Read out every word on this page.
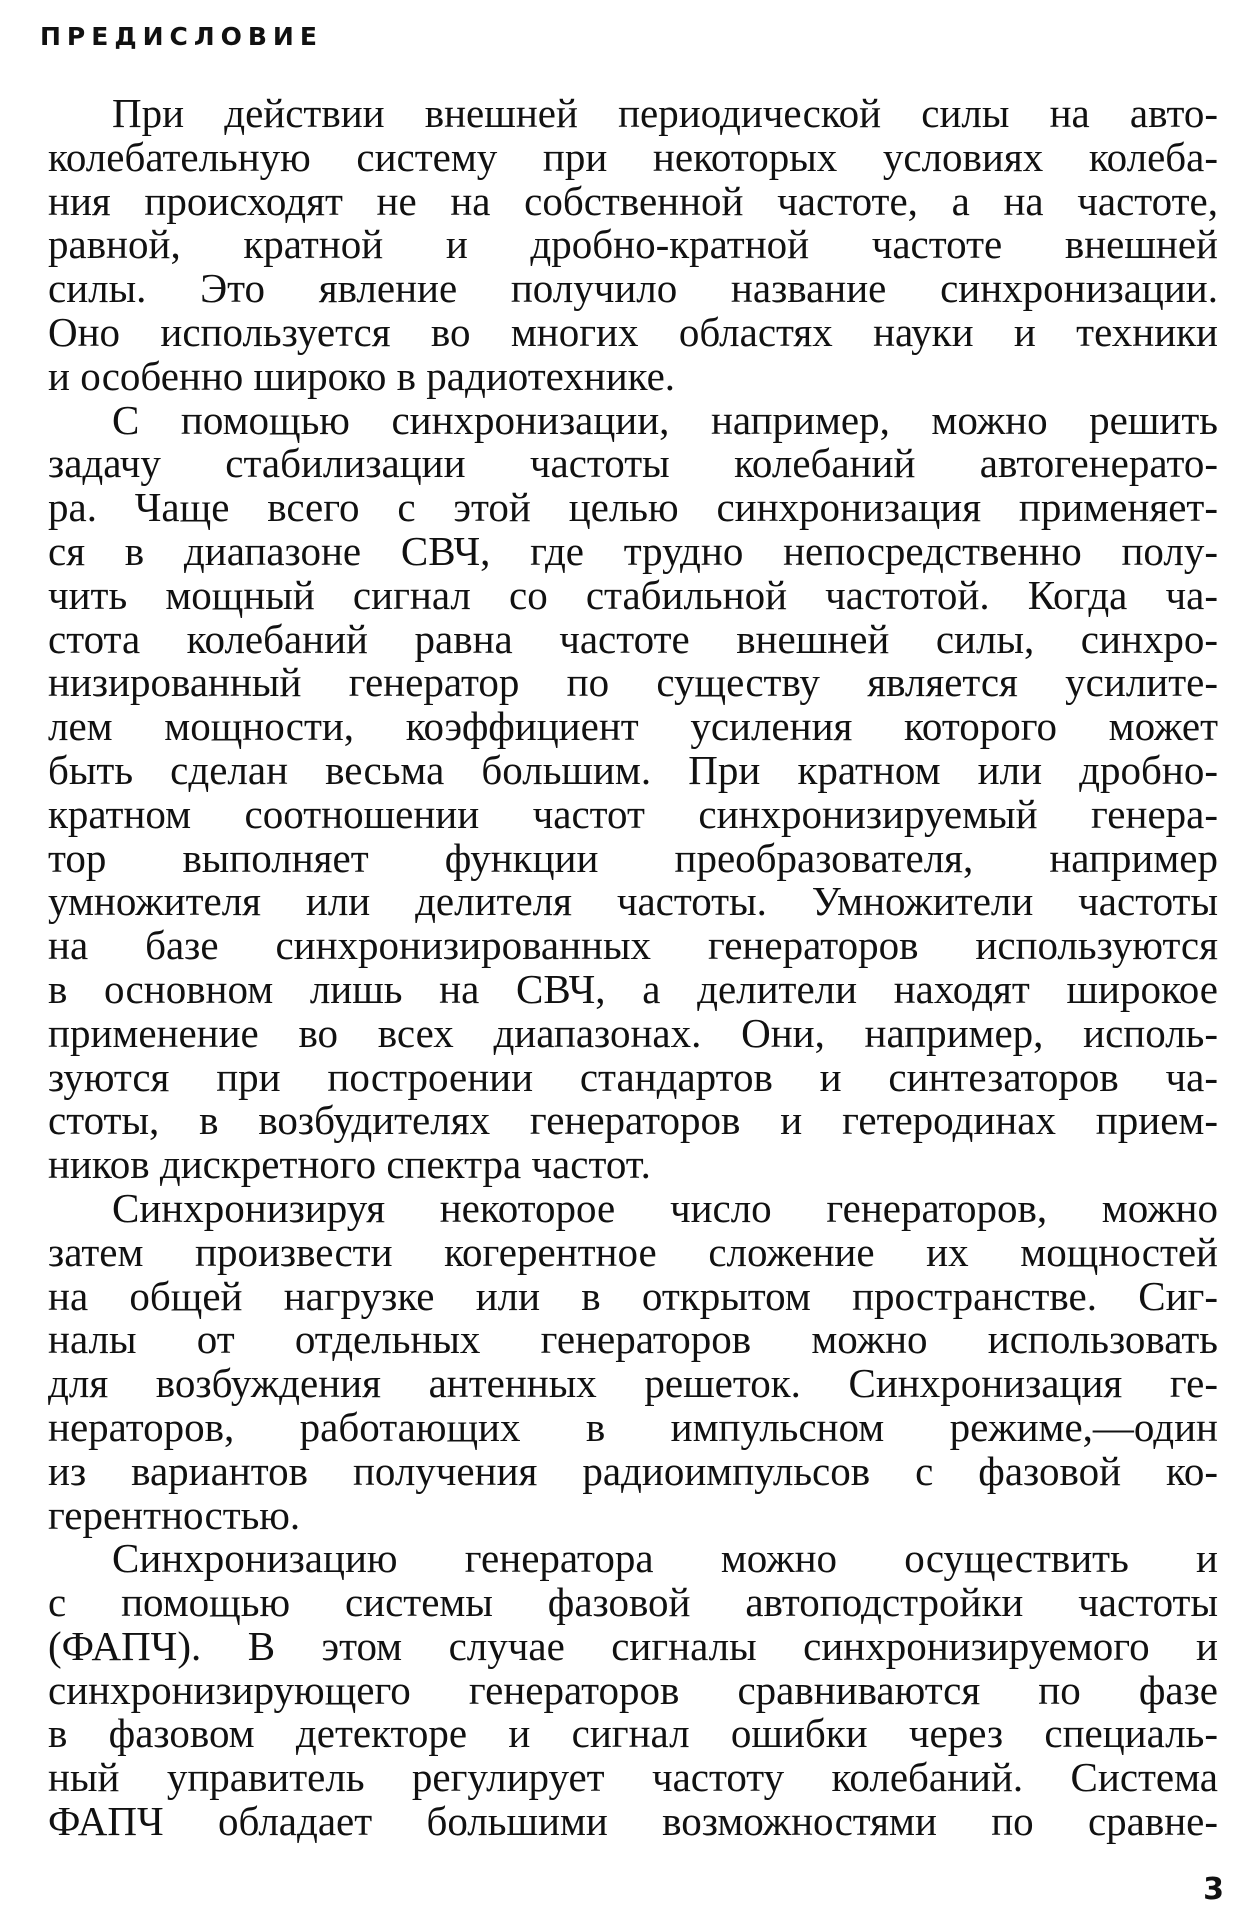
ПРЕДИСЛОВИЕ
При действии внешней периодической силы на авто-
колебательную систему при некоторых условиях колеба-
ния происходят не на собственной частоте, а на частоте,
равной, кратной и дробно-кратной частоте внешней
силы. Это явление получило название синхронизации.
Оно используется во многих областях науки и техники
и особенно широко в радиотехнике.
С помощью синхронизации, например, можно решить
задачу стабилизации частоты колебаний автогенерато-
ра. Чаще всего с этой целью синхронизация применяет-
ся в диапазоне СВЧ, где трудно непосредственно полу-
чить мощный сигнал со стабильной частотой. Когда ча-
стота колебаний равна частоте внешней силы, синхро-
низированный генератор по существу является усилите-
лем мощности, коэффициент усиления которого может
быть сделан весьма большим. При кратном или дробно-
кратном соотношении частот синхронизируемый генера-
тор выполняет функции преобразователя, например
умножителя или делителя частоты. Умножители частоты
на базе синхронизированных генераторов используются
в основном лишь на СВЧ, а делители находят широкое
применение во всех диапазонах. Они, например, исполь-
зуются при построении стандартов и синтезаторов ча-
стоты, в возбудителях генераторов и гетеродинах прием-
ников дискретного спектра частот.
Синхронизируя некоторое число генераторов, можно
затем произвести когерентное сложение их мощностей
на общей нагрузке или в открытом пространстве. Сиг-
налы от отдельных генераторов можно использовать
для возбуждения антенных решеток. Синхронизация ге-
нераторов, работающих в импульсном режиме,—один
из вариантов получения радиоимпульсов с фазовой ко-
герентностью.
Синхронизацию генератора можно осуществить и
с помощью системы фазовой автоподстройки частоты
(ФАПЧ). В этом случае сигналы синхронизируемого и
синхронизирующего генераторов сравниваются по фазе
в фазовом детекторе и сигнал ошибки через специаль-
ный управитель регулирует частоту колебаний. Система
ФАПЧ обладает большими возможностями по сравне-
3
